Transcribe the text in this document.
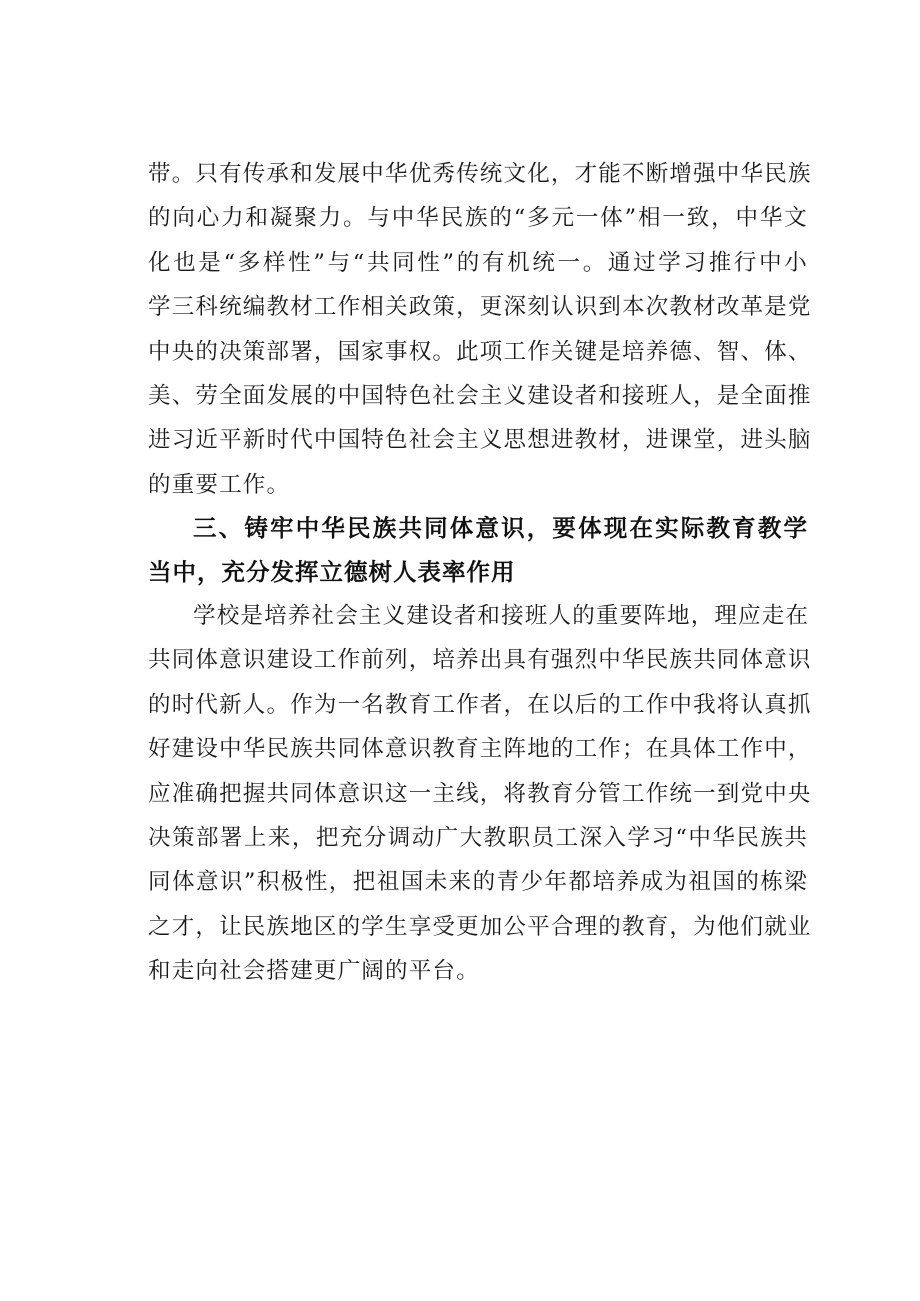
带。只有传承和发展中华优秀传统文化，才能不断增强中华民族
的向心力和凝聚力。与中华民族的“多元一体”相一致，中华文
化也是“多样性”与“共同性”的有机统一。通过学习推行中小
学三科统编教材工作相关政策，更深刻认识到本次教材改革是党
中央的决策部署，国家事权。此项工作关键是培养德、智、体、
美、劳全面发展的中国特色社会主义建设者和接班人，是全面推
进习近平新时代中国特色社会主义思想进教材，进课堂，进头脑
的重要工作。
三、铸牢中华民族共同体意识，要体现在实际教育教学
当中，充分发挥立德树人表率作用
学校是培养社会主义建设者和接班人的重要阵地，理应走在
共同体意识建设工作前列，培养出具有强烈中华民族共同体意识
的时代新人。作为一名教育工作者，在以后的工作中我将认真抓
好建设中华民族共同体意识教育主阵地的工作；在具体工作中，
应准确把握共同体意识这一主线，将教育分管工作统一到党中央
决策部署上来，把充分调动广大教职员工深入学习“中华民族共
同体意识”积极性，把祖国未来的青少年都培养成为祖国的栋梁
之才，让民族地区的学生享受更加公平合理的教育，为他们就业
和走向社会搭建更广阔的平台。
